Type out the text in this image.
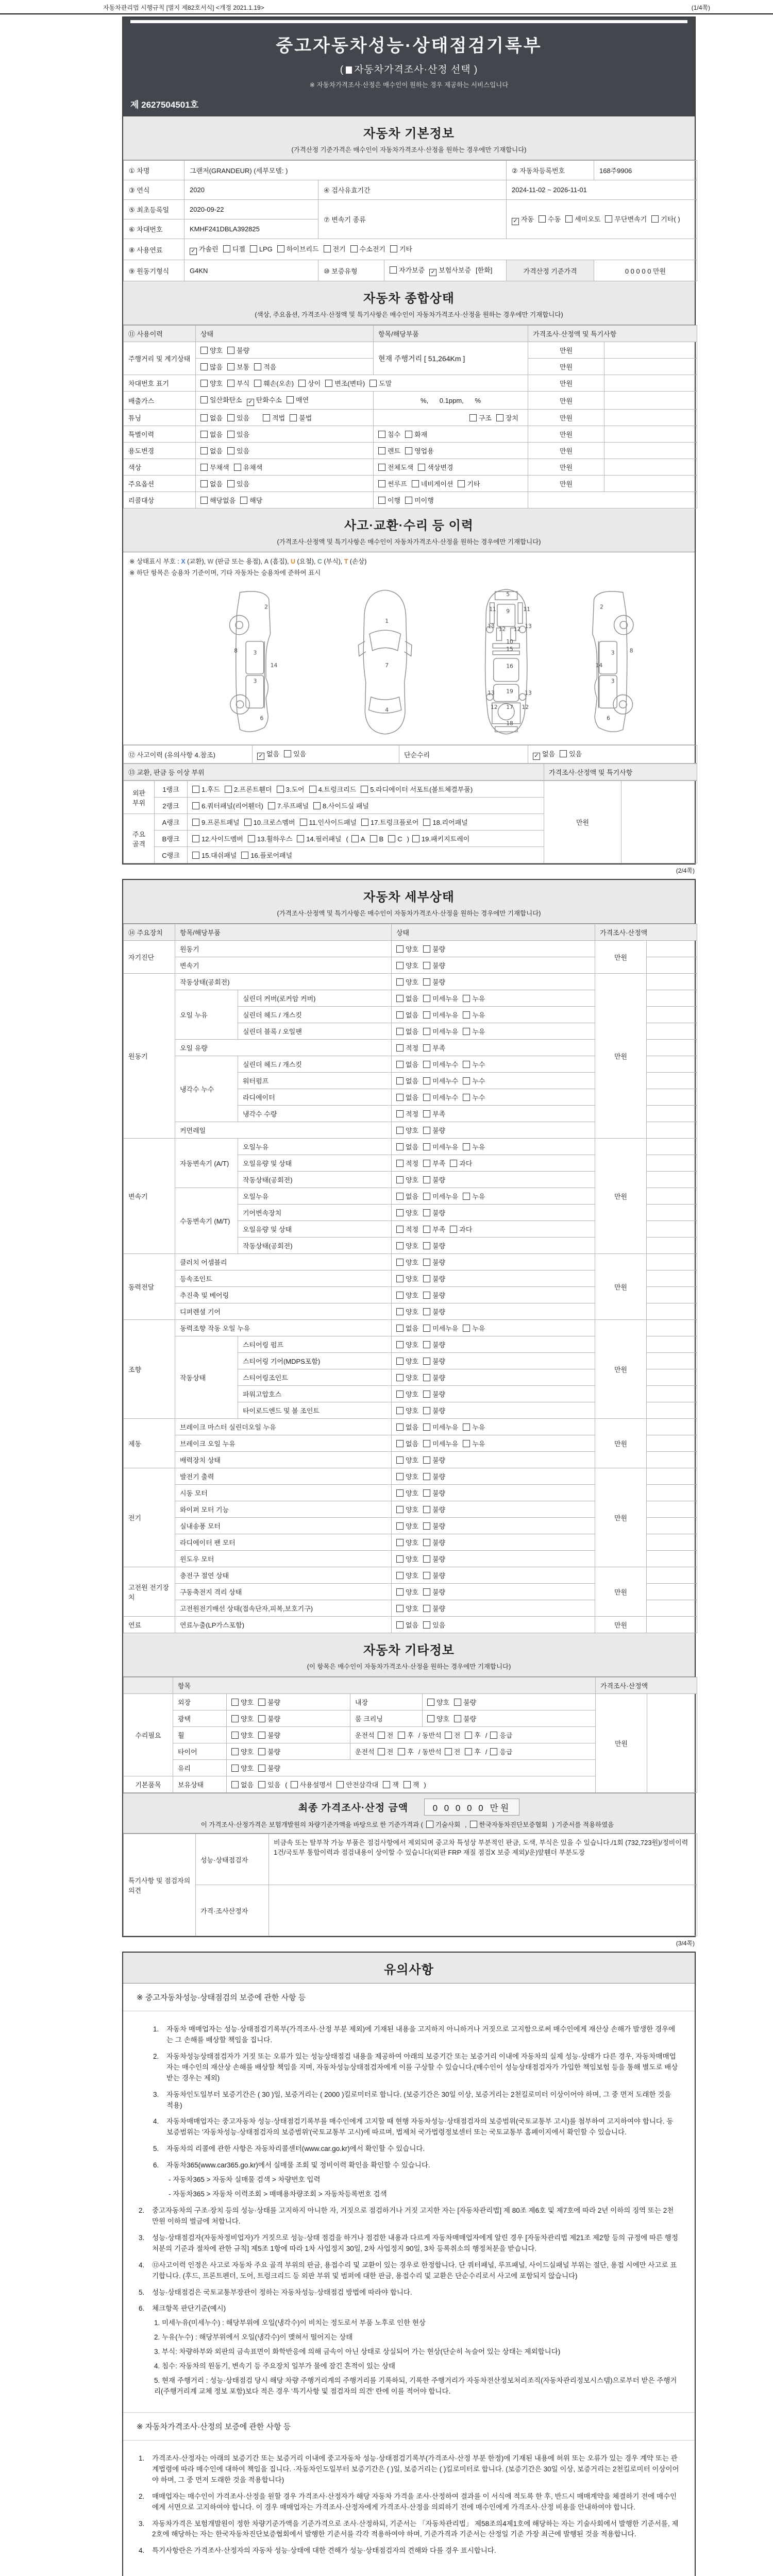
자동차관리법 시행규칙 [별지 제82호서식] <개정 2021.1.19>	(1/4쪽)
중고자동차성능·상태점검기록부
( 자동차가격조사·산정 선택 )
※ 자동차가격조사·산정은 매수인이 원하는 경우 제공하는 서비스입니다
제 2627504501호
자동차 기본정보
(가격산정 기준가격은 매수인이 자동차가격조사·산정을 원하는 경우에만 기재합니다)
① 차명	그랜저(GRANDEUR) (세부모델: )			② 자동차등록번호	168주9906
③ 연식	2020	④ 검사유효기간		2024-11-02 ~ 2026-11-01	
⑤ 최초등록일	2020-09-22	⑦ 변속기 종류		✓ 자동 수동 세미오토 무단변속기 기타( )	
⑥ 차대번호	KMHF241DBLA392825				
⑧ 사용연료	✓ 가솔린 디젤 LPG 하이브리드 전기 수소전기 기타				
⑨ 원동기형식	G4KN	⑩ 보증유형	자가보증 ✓ 보험사보증 [한화]	가격산정 기준가격	0 0 0 0 0 만원
자동차 종합상태
(색상, 주요옵션, 가격조사·산정액 및 특기사항은 매수인이 자동차가격조사·산정을 원하는 경우에만 기재합니다)
⑪ 사용이력	상태	항목/해당부품	가격조사·산정액 및 특기사항	
주행거리 및 계기상태	양호 불량	현재 주행거리 [ 51,264Km ]	만원	
	많음 보통 적음		만원	
차대번호 표기	양호 부식 훼손(오손) 상이 변조(변타) 도말		만원	
배출가스	일산화탄소 ✓ 탄화수소 매연	%,      0.1ppm,      %	만원	
튜닝	없음 있음 적법 불법	구조 장치	만원	
특별이력	없음 있음	침수 화재	만원	
용도변경	없음 있음	렌트 영업용	만원	
색상	무채색 유채색	전체도색 색상변경	만원	
주요옵션	없음 있음	썬루프 네비게이션 기타	만원	
리콜대상	해당없음 해당	이행 미이행		
사고·교환·수리 등 이력
(가격조사·산정액 및 특기사항은 매수인이 자동차가격조사·산정을 원하는 경우에만 기재합니다)
※ 상태표시 부호 : X (교환), W (판금 또는 용접), A (흠집), U (요철), C (부식), T (손상)
※ 하단 항목은 승용차 기준이며, 기타 자동차는 승용차에 준하여 표시
2
8 3
14
3
6
1
7
4
5
9
11	11
13	13
12 12
10
15
16
19
13	13
17
12	12
18
2
8
3
14
3
6
⑫ 사고이력 (유의사항 4.참조)	✓ 없음 있음	단순수리	✓ 없음 있음
⑬ 교환, 판금 등 이상 부위	가격조사·산정액 및 특기사항
외판 부위	1랭크	1.후드 2.프론트휀더 3.도어 4.트렁크리드 5.라디에이터 서포트(볼트체결부품)	만원	
	2랭크	6.쿼터패널(리어휀더) 7.루프패널 8.사이드실 패널		
주요 골격	A랭크	9.프론트패널 10.크로스멤버 11.인사이드패널 17.트렁크플로어 18.리어패널		
	B랭크	12.사이드멤버 13.휠하우스 14.필러패널 ( A B C ) 19.패키지트레이		
	C랭크	15.대쉬패널 16.플로어패널		
(2/4쪽)
자동차 세부상태
(가격조사·산정액 및 특기사항은 매수인이 자동차가격조사·산정을 원하는 경우에만 기재합니다)
⑭ 주요장치	항목/해당부품		상태	가격조사·산정액	
자기진단	원동기		양호 불량	만원	
	변속기		양호 불량		
원동기	작동상태(공회전)		양호 불량	만원	
	오일 누유	실린더 커버(로커암 커버)	없음 미세누유 누유		
		실린더 헤드 / 개스킷	없음 미세누유 누유		
		실린더 블록 / 오일팬	없음 미세누유 누유		
	오일 유량		적정 부족		
	냉각수 누수	실린더 헤드 / 개스킷	없음 미세누수 누수		
		워터펌프	없음 미세누수 누수		
		라디에이터	없음 미세누수 누수		
		냉각수 수량	적정 부족		
	커먼레일		양호 불량		
변속기	자동변속기 (A/T)	오일누유	없음 미세누유 누유	만원	
		오일유량 및 상태	적정 부족 과다		
		작동상태(공회전)	양호 불량		
	수동변속기 (M/T)	오일누유	없음 미세누유 누유		
		기어변속장치	양호 불량		
		오일유량 및 상태	적정 부족 과다		
		작동상태(공회전)	양호 불량		
동력전달	클러치 어셈블리		양호 불량	만원	
	등속조인트		양호 불량		
	추진축 및 베어링		양호 불량		
	디퍼렌셜 기어		양호 불량		
조향	동력조향 작동 오일 누유		없음 미세누유 누유	만원	
	작동상태	스티어링 펌프	양호 불량		
		스티어링 기어(MDPS포함)	양호 불량		
		스티어링조인트	양호 불량		
		파워고압호스	양호 불량		
		타이로드엔드 및 볼 조인트	양호 불량		
제동	브레이크 마스터 실린더오일 누유		없음 미세누유 누유	만원	
	브레이크 오일 누유		없음 미세누유 누유		
	배력장치 상태		양호 불량		
전기	발전기 출력		양호 불량	만원	
	시동 모터		양호 불량		
	와이퍼 모터 기능		양호 불량		
	실내송풍 모터		양호 불량		
	라디에이터 팬 모터		양호 불량		
	윈도우 모터		양호 불량		
고전원 전기장치	충전구 절연 상태		양호 불량	만원	
	구동축전지 격리 상태		양호 불량		
	고전원전기배선 상태(접속단자,피복,보호기구)		양호 불량		
연료	연료누출(LP가스포함)		없음 있음	만원	
자동차 기타정보
(이 항목은 매수인이 자동차가격조사·산정을 원하는 경우에만 기재합니다)
	항목				가격조사·산정액	
수리필요	외장	양호 불량	내장	양호 불량	만원	
	광택	양호 불량	룸 크리닝	양호 불량		
	휠	양호 불량	운전석 전 후 / 동반석 전 후 / 응급			
	타이어	양호 불량	운전석 전 후 / 동반석 전 후 / 응급			
	유리	양호 불량				
기본품목	보유상태	없음 있음 ( 사용설명서 안전삼각대 잭 잭 )				
최종 가격조사·산정 금액	0 0 0 0 0 만원
이 가격조사·산정가격은 보험개발원의 차량기준가액을 바탕으로 한 기준가격과 ( 기술사회 , 한국자동차진단보증협회 ) 기준서를 적용하였음
특기사항 및 점검자의 의견	성능·상태점검자	비금속 또는 탈부착 가능 부품은 점검사항에서 제외되며 중고차 특성상 부분적인 판금, 도색, 부식은 있을 수 있습니다./1회 (732,723원)/정비이력 1건/국토부 통합이력과 점검내용이 상이할 수 있습니다(외판 FRP 재질 점검X 보증 제외)/운)앞휀더 부분도장
	가격·조사산정자	
(3/4쪽)
유의사항
※ 중고자동차성능·상태점검의 보증에 관한 사항 등
1.	자동차 매매업자는 성능·상태점검기록부(가격조사·산정 부분 제외)에 기재된 내용을 고지하지 아니하거나 거짓으로 고지함으로써 매수인에게 재산상 손해가 발생한 경우에는 그 손해를 배상할 책임을 집니다.
2.	자동차성능상태점검자가 거짓 또는 오류가 있는 성능상태점검 내용을 제공하여 아래의 보증기간 또는 보증거리 이내에 자동차의 실제 성능·상태가 다른 경우, 자동차매매업자는 매수인의 재산상 손해를 배상할 책임을 지며, 자동차성능상태점검자에게 이를 구상할 수 있습니다.(매수인이 성능상태점검자가 가입한 책임보험 등을 통해 별도로 배상받는 경우는 제외)
3.	자동차인도일부터 보증기간은 ( 30 )일, 보증거리는 ( 2000 )킬로미터로 합니다. (보증기간은 30일 이상, 보증거리는 2천킬로미터 이상이어야 하며, 그 중 먼저 도래한 것을 적용)
4.	자동차매매업자는 중고자동차 성능·상태점검기록부를 매수인에게 고지할 때 현행 자동차성능·상태점검자의 보증범위(국토교통부 고시)를 첨부하여 고지하여야 합니다. 동 보증범위는 '자동차성능·상태점검자의 보증범위'(국토교통부 고시)에 따르며, 법제처 국가법령정보센터 또는 국토교통부 홈페이지에서 확인할 수 있습니다.
5.	자동차의 리콜에 관한 사항은 자동차리콜센터(www.car.go.kr)에서 확인할 수 있습니다.
6.	자동차365(www.car365.go.kr)에서 실매물 조회 및 정비이력 확인을 확인할 수 있습니다.
- 자동차365 > 자동차 실매물 검색 > 차량번호 입력
- 자동차365 > 자동차 이력조회 > 매매용차량조회 > 자동차등록번호 검색
2.	중고자동차의 구조·장치 등의 성능·상태를 고지하지 아니한 자, 거짓으로 점검하거나 거짓 고지한 자는 [자동차관리법] 제 80조 제6호 및 제7호에 따라 2년 이하의 징역 또는 2천만원 이하의 벌금에 처합니다.
3.	성능·상태점검자(자동차정비업자)가 거짓으로 성능·상태 점검을 하거나 점검한 내용과 다르게 자동차매매업자에게 알린 경우 [자동차관리법 제21조 제2항 등의 규정에 따른 행정처분의 기준과 절차에 관한 규칙] 제5조 1항에 따라 1차 사업정지 30일, 2차 사업정지 90일, 3차 등록취소의 행정처분을 받습니다.
4.	⑫사고이력 인정은 사고로 자동차 주요 골격 부위의 판금, 용접수리 및 교환이 있는 경우로 한정합니다. 단 쿼터패널, 루프패널, 사이드실패널 부위는 절단, 용접 시에만 사고로 표기합니다. (후드, 프론트펜더, 도어, 트렁크리드 등 외판 부위 및 범퍼에 대한 판금, 용접수리 및 교환은 단순수리로서 사고에 포함되지 않습니다)
5.	성능·상태점검은 국토교통부장관이 정하는 자동차성능·상태점검 방법에 따라야 합니다.
6.	체크항목 판단기준(예시)
1. 미세누유(미세누수) : 해당부위에 오일(냉각수)이 비치는 정도로서 부품 노후로 인한 현상
2. 누유(누수) : 해당부위에서 오일(냉각수)이 맺혀서 떨어지는 상태
3. 부식: 차량하부와 외판의 금속표면이 화학반응에 의해 금속이 아닌 상태로 상실되어 가는 현상(단순히 녹슬어 있는 상태는 제외합니다)
4. 침수: 자동차의 원동기, 변속기 등 주요장치 일부가 물에 잠긴 흔적이 있는 상태
5. 현재 주행거리 : 성능·상태점검 당시 해당 차량 주행거리계의 주행거리를 기록하되, 기록한 주행거리가 자동차전산정보처리조직(자동차관리정보시스템)으로부터 받은 주행거리(주행거리계 교체 정보 포함)보다 적은 경우 '특기사항 및 점검자의 의견' 란에 이를 적어야 합니다.
※ 자동차가격조사·산정의 보증에 관한 사항 등
1.	가격조사·산정자는 아래의 보증기간 또는 보증거리 이내에 중고자동차 성능·상태점검기록부(가격조사·산정 부분 한정)에 기재된 내용에 허위 또는 오류가 있는 경우 계약 또는 관계법령에 따라 매수인에 대하여 책임을 집니다. ·자동차인도일부터 보증기간은 ( )일, 보증거리는 ( )킬로미터로 합니다. (보증기간은 30일 이상, 보증거리는 2천킬로미터 이상이어야 하며, 그 중 먼저 도래한 것을 적용합니다)
2.	매매업자는 매수인이 가격조사·산정을 원할 경우 가격조사·산정자가 해당 자동차 가격을 조사·산정하여 결과를 이 서식에 적도록 한 후, 반드시 매매계약을 체결하기 전에 매수인에게 서면으로 고지하여야 합니다. 이 경우 매매업자는 가격조사·산정자에게 가격조사·산정을 의뢰하기 전에 매수인에게 가격조사·산정 비용을 안내하여야 합니다.
3.	자동차가격은 보험개발원이 정한 차량기준가액을 기준가격으로 조사·산정하되, 기준서는 「자동차관리법」 제58조의4제1호에 해당하는 자는 기술사회에서 발행한 기준서를, 제2호에 해당하는 자는 한국자동차진단보증협회에서 발행한 기준서를 각각 적용하여야 하며, 기준가격과 기준서는 산정일 기준 가장 최근에 발행된 것을 적용합니다.
4.	특기사항란은 가격조사·산정자의 자동차 성능·상태에 대한 견해가 성능·상태점검자의 견해와 다를 경우 표시합니다.
